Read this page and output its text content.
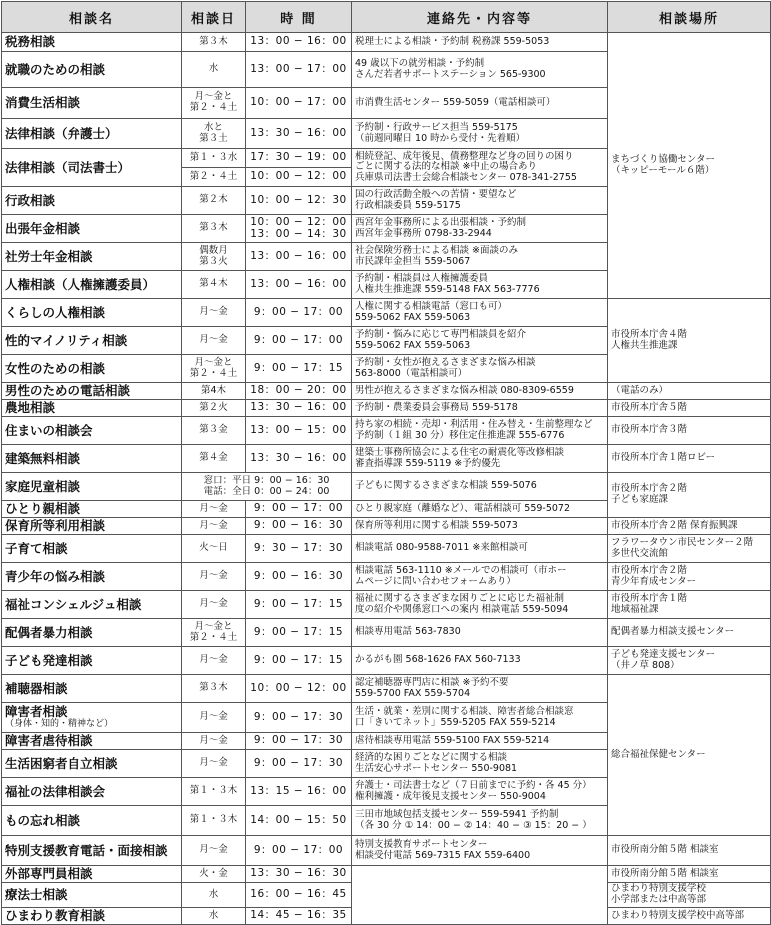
相談名	相談日	時 間	連絡先・内容等	相談場所
税務相談	第３木	13：00 − 16：00	税理士による相談・予約制 税務課 559-5053	まちづくり協働センター
（キッピーモール６階）

就職のための相談	水	13：00 − 17：00	49 歳以下の就労相談・予約制
さんだ若者サポートステーション 565-9300	

消費生活相談	月〜金と
第２・４土	10：00 − 17：00	市消費生活センター 559-5059（電話相談可）	

法律相談（弁護士）	水と
第３土	13：30 − 16：00	予約制・行政サービス担当 559-5175
（前週同曜日 10 時から受付・先着順）	

法律相談（司法書士）	第１・３水	17：30 − 19：00	相続登記、成年後見、債務整理など身の回りの困り
ごとに関する法的な相談 ※中止の場合あり
兵庫県司法書士会総合相談センター 078-341-2755	

	第２・４土	10：00 − 12：00		

行政相談	第２木	10：00 − 12：30	国の行政活動全般への苦情・要望など
行政相談委員 559-5175	

出張年金相談	第３木	10：00 − 12：00
13：00 − 14：30	西宮年金事務所による出張相談・予約制
西宮年金事務所 0798-33-2944	

社労士年金相談	偶数月
第３火	13：00 − 16：00	社会保険労務士による相談 ※面談のみ
市民課年金担当 559-5067	

人権相談（人権擁護委員）	第４木	13：00 − 16：00	予約制・相談員は人権擁護委員
人権共生推進課 559-5148 FAX 563-7776	

くらしの人権相談	月〜金	9：00 − 17：00	人権に関する相談電話（窓口も可）
559-5062 FAX 559-5063	市役所本庁舎４階
人権共生推進課

性的マイノリティ相談	月〜金	9：00 − 17：00	予約制・悩みに応じて専門相談員を紹介
559-5062 FAX 559-5063	

女性のための相談	月〜金と
第２・４土	9：00 − 17：15	予約制・女性が抱えるさまざまな悩み相談
563-8000（電話相談可）	

男性のための電話相談	第4木	18：00 − 20：00	男性が抱えるさまざまな悩み相談 080-8309-6559	（電話のみ）

農地相談	第２火	13：30 − 16：00	予約制・農業委員会事務局 559-5178	市役所本庁舎５階

住まいの相談会	第３金	13：00 − 15：00	持ち家の相続・売却・利活用・住み替え・生前整理など
予約制（１組 30 分）移住定住推進課 555-6776	市役所本庁舎３階

建築無料相談	第４金	13：30 − 16：00	建築士事務所協会による住宅の耐震化等改修相談
審査指導課 559-5119 ※予約優先	市役所本庁舎１階ロビー

家庭児童相談	窓口：平日 9：00 − 16：30
電話：全日 0：00 − 24：00		子どもに関するさまざまな相談 559-5076	市役所本庁舎２階
子ども家庭課

ひとり親相談	月〜金	9：00 − 17：00	ひとり親家庭（離婚など）、電話相談可 559-5072	

保育所等利用相談	月〜金	9：00 − 16：30	保育所等利用に関する相談 559-5073	市役所本庁舎２階 保育振興課

子育て相談	火〜日	9：30 − 17：30	相談電話 080-9588-7011 ※来館相談可	フラワータウン市民センター２階
多世代交流館

青少年の悩み相談	月〜金	9：00 − 16：30	相談電話 563-1110 ※メールでの相談可（市ホー
ムページに問い合わせフォームあり）	市役所本庁舎２階
青少年育成センター

福祉コンシェルジュ相談	月〜金	9：00 − 17：15	福祉に関するさまざまな困りごとに応じた福祉制
度の紹介や関係窓口への案内 相談電話 559-5094	市役所本庁舎１階
地域福祉課

配偶者暴力相談	月〜金と
第２・４土	9：00 − 17：15	相談専用電話 563-7830	配偶者暴力相談支援センター

子ども発達相談	月〜金	9：00 − 17：15	かるがも園 568-1626 FAX 560-7133	子ども発達支援センター
（井ノ草 808）

補聴器相談	第３木	10：00 − 12：00	認定補聴器専門店に相談 ※予約不要
559-5700 FAX 559-5704	総合福祉保健センター

障害者相談
（身体・知的・精神など）	月〜金	9：00 − 17：30	生活・就業・差別に関する相談、障害者総合相談窓
口「きいてネット」559-5205 FAX 559-5214	

障害者虐待相談	月〜金	9：00 − 17：30	虐待相談専用電話 559-5100 FAX 559-5214	

生活困窮者自立相談	月〜金	9：00 − 17：30	経済的な困りごとなどに関する相談
生活安心サポートセンター 550-9081	

福祉の法律相談会	第１・３木	13：15 − 16：00	弁護士・司法書士など（７日前までに予約・各 45 分）
権利擁護・成年後見支援センター 550-9004	

もの忘れ相談	第１・３木	14：00 − 15：50	三田市地域包括支援センター 559-5941 予約制
（各 30 分 ① 14：00 − ② 14：40 − ③ 15：20 − ）	

特別支援教育電話・面接相談	月〜金	9：00 − 17：00	特別支援教育サポートセンター
相談受付電話 569-7315 FAX 559-6400	市役所南分館５階 相談室

外部専門員相談	火・金	13：30 − 16：30		市役所南分館５階 相談室

療法士相談	水	16：00 − 16：45		ひまわり特別支援学校
小学部または中高等部

ひまわり教育相談	水	14：45 − 16：35		ひまわり特別支援学校中高等部
